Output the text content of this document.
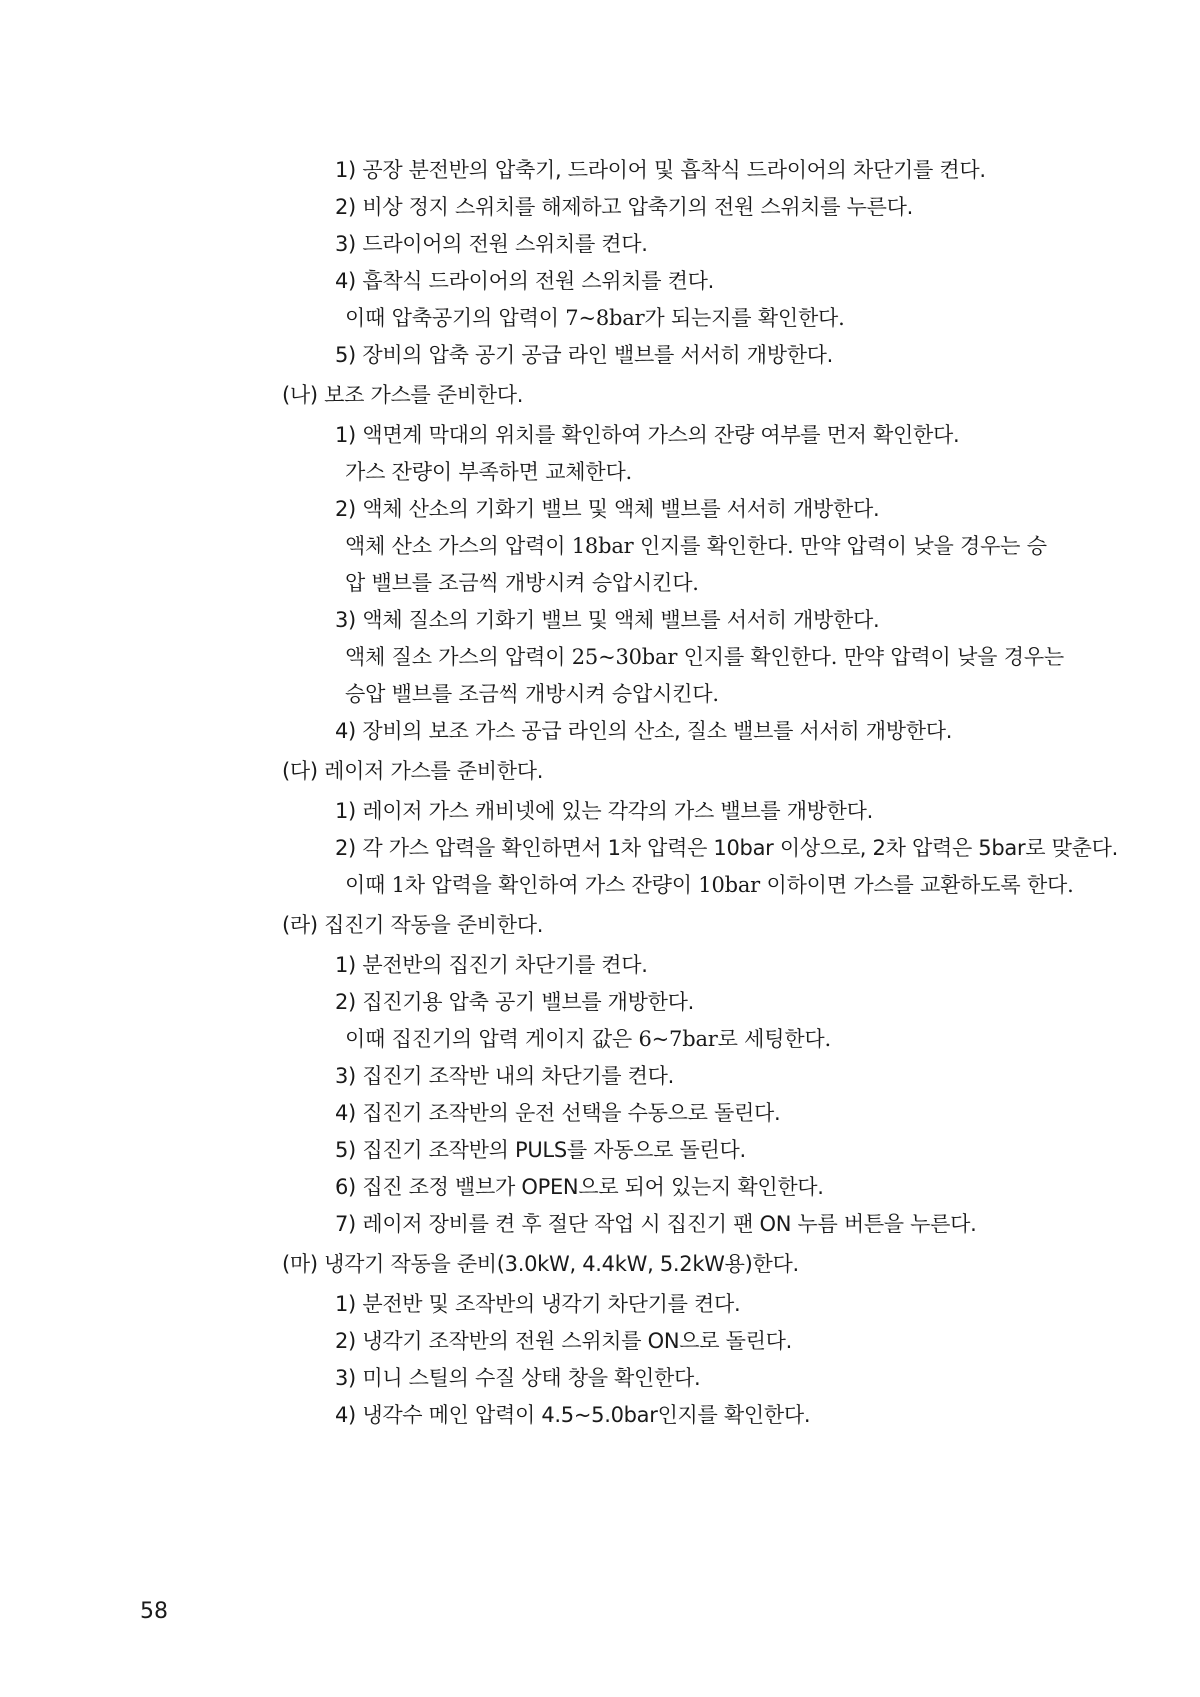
1) 공장 분전반의 압축기, 드라이어 및 흡착식 드라이어의 차단기를 켠다.
2) 비상 정지 스위치를 해제하고 압축기의 전원 스위치를 누른다.
3) 드라이어의 전원 스위치를 켠다.
4) 흡착식 드라이어의 전원 스위치를 켠다.
이때 압축공기의 압력이 7~8bar가 되는지를 확인한다.
5) 장비의 압축 공기 공급 라인 밸브를 서서히 개방한다.
(나) 보조 가스를 준비한다.
1) 액면계 막대의 위치를 확인하여 가스의 잔량 여부를 먼저 확인한다.
가스 잔량이 부족하면 교체한다.
2) 액체 산소의 기화기 밸브 및 액체 밸브를 서서히 개방한다.
액체 산소 가스의 압력이 18bar 인지를 확인한다. 만약 압력이 낮을 경우는 승
압 밸브를 조금씩 개방시켜 승압시킨다.
3) 액체 질소의 기화기 밸브 및 액체 밸브를 서서히 개방한다.
액체 질소 가스의 압력이 25~30bar 인지를 확인한다. 만약 압력이 낮을 경우는
승압 밸브를 조금씩 개방시켜 승압시킨다.
4) 장비의 보조 가스 공급 라인의 산소, 질소 밸브를 서서히 개방한다.
(다) 레이저 가스를 준비한다.
1) 레이저 가스 캐비넷에 있는 각각의 가스 밸브를 개방한다.
2) 각 가스 압력을 확인하면서 1차 압력은 10bar 이상으로, 2차 압력은 5bar로 맞춘다.
이때 1차 압력을 확인하여 가스 잔량이 10bar 이하이면 가스를 교환하도록 한다.
(라) 집진기 작동을 준비한다.
1) 분전반의 집진기 차단기를 켠다.
2) 집진기용 압축 공기 밸브를 개방한다.
이때 집진기의 압력 게이지 값은 6~7bar로 세팅한다.
3) 집진기 조작반 내의 차단기를 켠다.
4) 집진기 조작반의 운전 선택을 수동으로 돌린다.
5) 집진기 조작반의 PULS를 자동으로 돌린다.
6) 집진 조정 밸브가 OPEN으로 되어 있는지 확인한다.
7) 레이저 장비를 켠 후 절단 작업 시 집진기 팬 ON 누름 버튼을 누른다.
(마) 냉각기 작동을 준비(3.0kW, 4.4kW, 5.2kW용)한다.
1) 분전반 및 조작반의 냉각기 차단기를 켠다.
2) 냉각기 조작반의 전원 스위치를 ON으로 돌린다.
3) 미니 스틸의 수질 상태 창을 확인한다.
4) 냉각수 메인 압력이 4.5~5.0bar인지를 확인한다.
58
